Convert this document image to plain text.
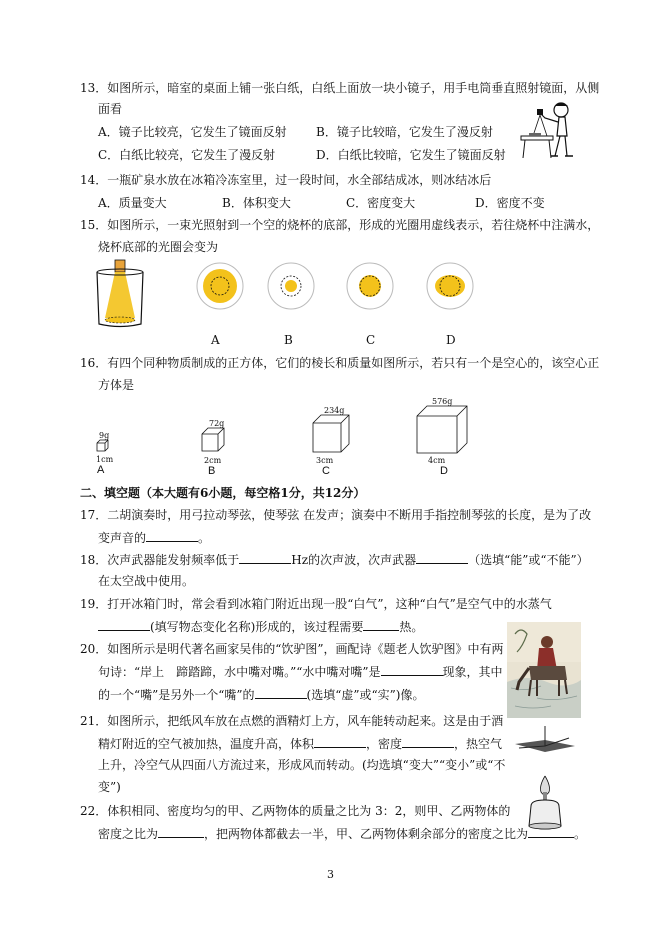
13．如图所示，暗室的桌面上铺一张白纸，白纸上面放一块小镜子，用手电筒垂直照射镜面，从侧
面看
A．镜子比较亮，它发生了镜面反射 B．镜子比较暗，它发生了漫反射
C．白纸比较亮，它发生了漫反射	D．白纸比较暗，它发生了镜面反射
14．一瓶矿泉水放在冰箱冷冻室里，过一段时间，水全部结成冰，则冰结冰后
A．质量变大	B．体积变大	C．密度变大	D．密度不变
15．如图所示，一束光照射到一个空的烧杯的底部，形成的光圈用虚线表示，若往烧杯中注满水，
烧杯底部的光圈会变为
A	B	C	D
16．有四个同种物质制成的正方体，它们的棱长和质量如图所示，若只有一个是空心的，该空心正
方体是
9g
1cm
A
72g
2cm
B
234g
3cm
C
576g
4cm
D
二、填空题（本大题有6小题，每空格1分，共12分）
17．二胡演奏时，用弓拉动琴弦，使琴弦 在发声；演奏中不断用手指控制琴弦的长度，是为了改
变声音的	。
18．次声武器能发射频率低于	Hz的次声波，次声武器	（选填“能”或“不能”）
在太空战中使用。
19．打开冰箱门时，常会看到冰箱门附近出现一股“白气”，这种“白气”是空气中的水蒸气
(填写物态变化名称)形成的，该过程需要	热。
20．如图所示是明代著名画家吴伟的“饮驴图”，画配诗《题老人饮驴图》中有两
句诗：“岸上 蹄踏蹄，水中嘴对嘴。”“水中嘴对嘴”是	现象，其中
的一个“嘴”是另外一个“嘴”的	(选填“虚”或“实”)像。
21．如图所示，把纸风车放在点燃的酒精灯上方，风车能转动起来。这是由于酒
精灯附近的空气被加热，温度升高，体积	，密度	，热空气
上升，冷空气从四面八方流过来，形成风而转动。(均选填“变大”“变小”或“不
变”)
22．体积相同、密度均匀的甲、乙两物体的质量之比为 3：2，则甲、乙两物体的
密度之比为	，把两物体都截去一半，甲、乙两物体剩余部分的密度之比为	。
3
